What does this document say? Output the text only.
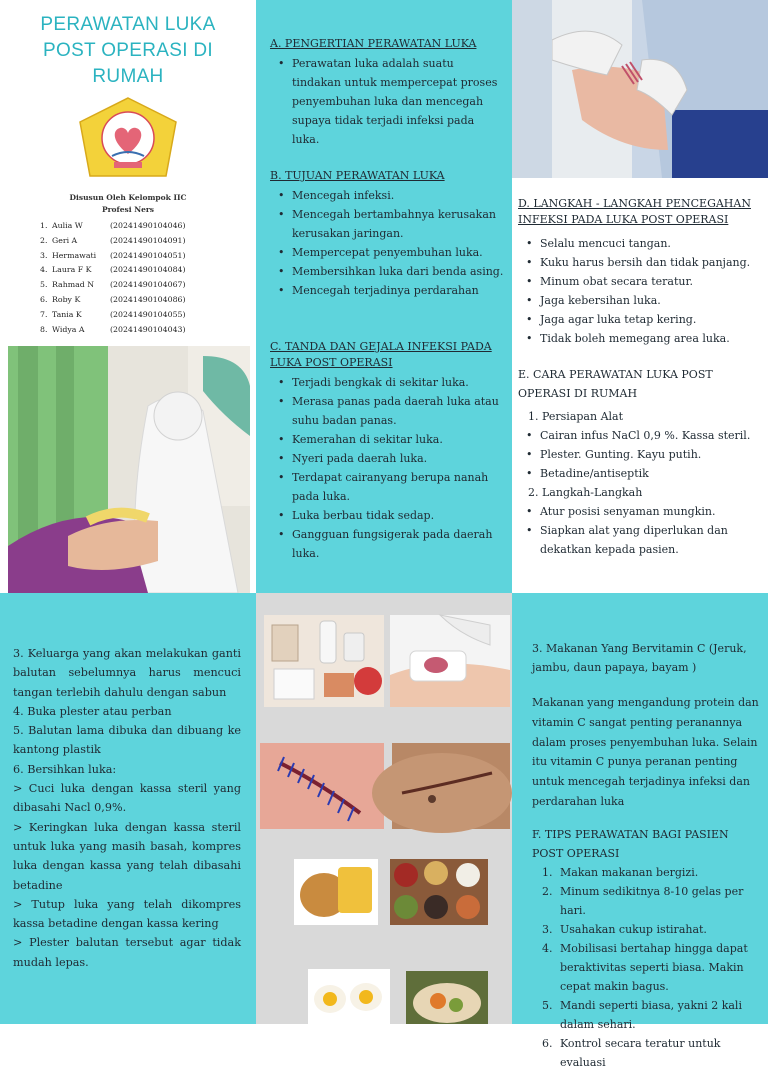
PERAWATAN LUKA
POST OPERASI DI
RUMAH
Disusun Oleh Kelompok IIC
Profesi Ners
1. Aulia W	(20241490104046)
2. Geri A	(20241490104091)
3. Hermawati	(20241490104051)
4. Laura F K	(20241490104084)
5. Rahmad N	(20241490104067)
6. Roby K	(20241490104086)
7. Tania K	(20241490104055)
8. Widya A	(20241490104043)
A. PENGERTIAN PERAWATAN LUKA
• Perawatan luka adalah suatu tindakan untuk mempercepat proses penyembuhan luka dan mencegah supaya tidak terjadi infeksi pada luka.
B. TUJUAN PERAWATAN LUKA
• Mencegah infeksi.
• Mencegah bertambahnya kerusakan kerusakan jaringan.
• Mempercepat penyembuhan luka.
• Membersihkan luka dari benda asing.
• Mencegah terjadinya perdarahan
C. TANDA DAN GEJALA INFEKSI PADA LUKA POST OPERASI
• Terjadi bengkak di sekitar luka.
• Merasa panas pada daerah luka atau suhu badan panas.
• Kemerahan di sekitar luka.
• Nyeri pada daerah luka.
• Terdapat cairanyang berupa nanah pada luka.
• Luka berbau tidak sedap.
• Gangguan fungsigerak pada daerah luka.
D. LANGKAH - LANGKAH PENCEGAHAN INFEKSI PADA LUKA POST OPERASI
• Selalu mencuci tangan.
• Kuku harus bersih dan tidak panjang.
• Minum obat secara teratur.
• Jaga kebersihan luka.
• Jaga agar luka tetap kering.
• Tidak boleh memegang area luka.
E. CARA PERAWATAN LUKA POST
OPERASI DI RUMAH
1. Persiapan Alat
• Cairan infus NaCl 0,9 %. Kassa steril.
• Plester. Gunting. Kayu putih.
• Betadine/antiseptik
2. Langkah-Langkah
• Atur posisi senyaman mungkin.
• Siapkan alat yang diperlukan dan dekatkan kepada pasien.
3. Keluarga yang akan melakukan ganti balutan sebelumnya harus mencuci tangan terlebih dahulu dengan sabun
4. Buka plester atau perban
5. Balutan lama dibuka dan dibuang ke kantong plastik
6. Bersihkan luka:
> Cuci luka dengan kassa steril yang dibasahi Nacl 0,9%.
> Keringkan luka dengan kassa steril untuk luka yang masih basah, kompres luka dengan kassa yang telah dibasahi betadine
> Tutup luka yang telah dikompres kassa betadine dengan kassa kering
> Plester balutan tersebut agar tidak mudah lepas.
3. Makanan Yang Bervitamin C (Jeruk, jambu, daun papaya, bayam )
Makanan yang mengandung protein dan vitamin C sangat penting peranannya dalam proses penyembuhan luka. Selain itu vitamin C punya peranan penting untuk mencegah terjadinya infeksi dan perdarahan luka
F. TIPS PERAWATAN BAGI PASIEN
POST OPERASI
1. Makan makanan bergizi.
2. Minum sedikitnya 8-10 gelas per hari.
3. Usahakan cukup istirahat.
4. Mobilisasi bertahap hingga dapat beraktivitas seperti biasa. Makin cepat makin bagus.
5. Mandi seperti biasa, yakni 2 kali dalam sehari.
6. Kontrol secara teratur untuk evaluasi
